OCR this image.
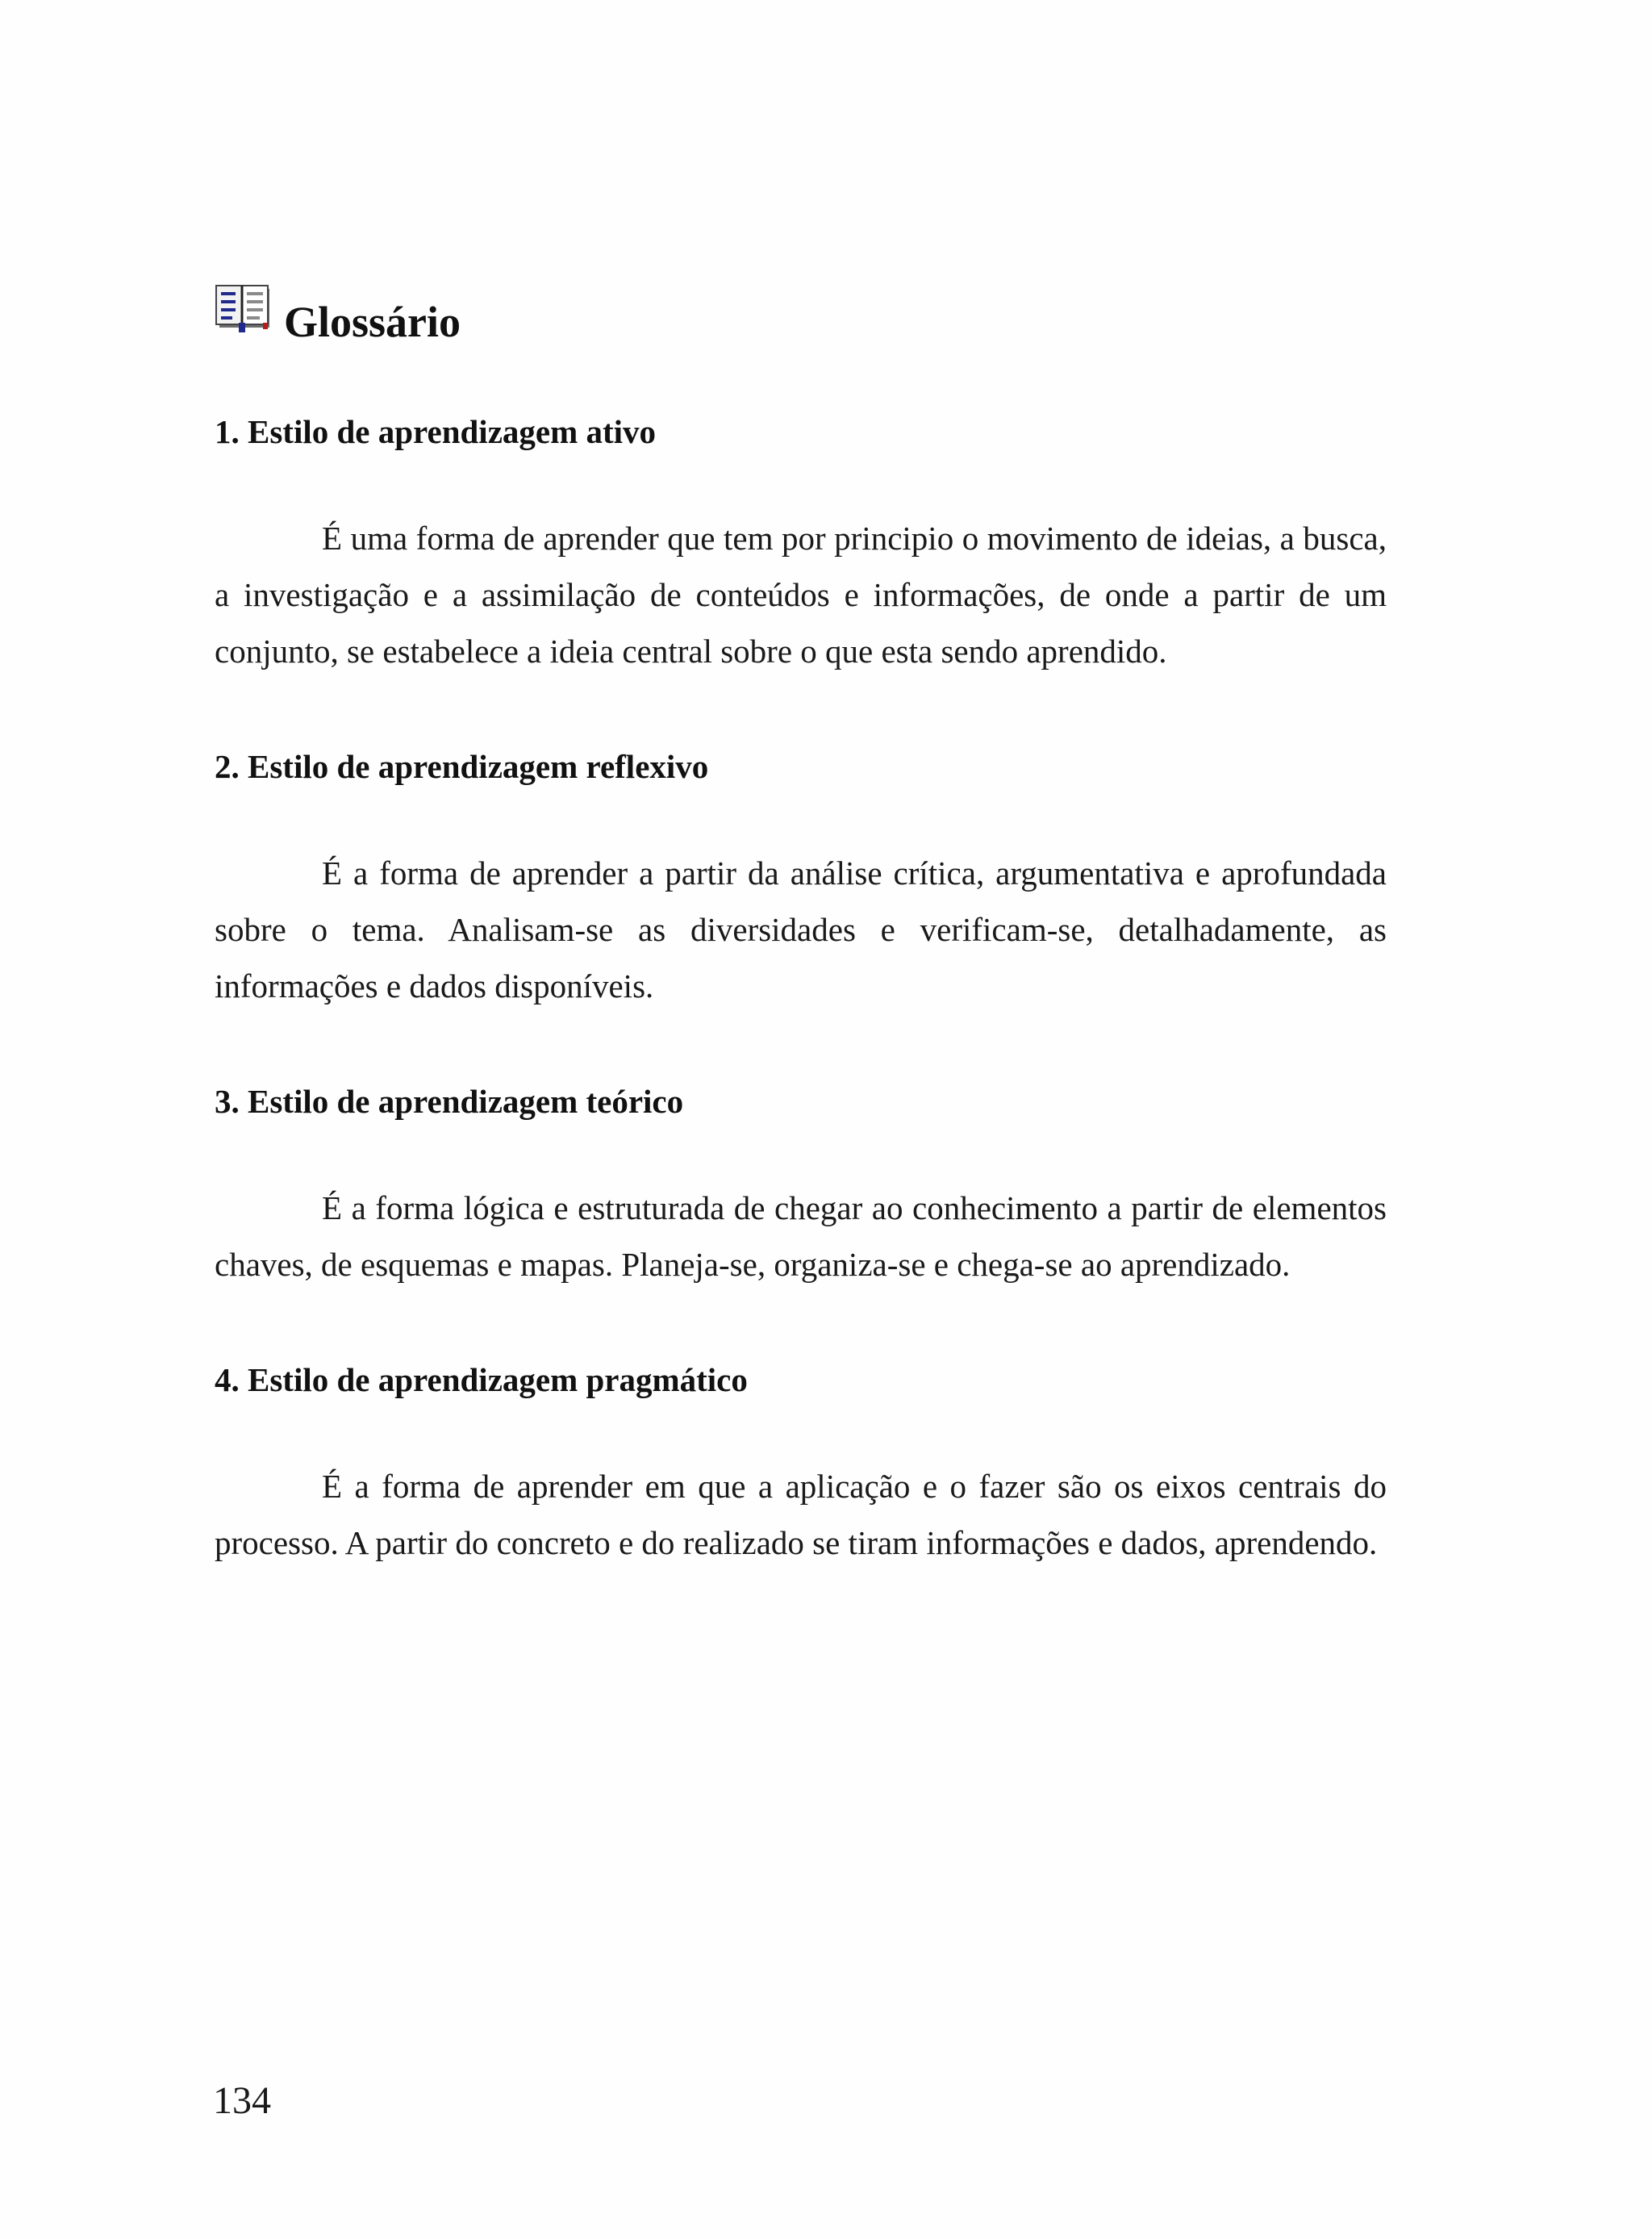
Glossário
1. Estilo de aprendizagem ativo

É uma forma de aprender que tem por principio o movimento de ideias, a busca, a investigação e a assimilação de conteúdos e informações, de onde a partir de um conjunto, se estabelece a ideia central sobre o que esta sendo aprendido.

2. Estilo de aprendizagem reflexivo

É a forma de aprender a partir da análise crítica, argumentativa e aprofundada sobre o tema. Analisam-se as diversidades e verificam-se, detalhadamente, as informações e dados disponíveis.

3. Estilo de aprendizagem teórico

É a forma lógica e estruturada de chegar ao conhecimento a partir de elementos chaves, de esquemas e mapas. Planeja-se, organiza-se e chega-se ao aprendizado.

4. Estilo de aprendizagem pragmático

É a forma de aprender em que a aplicação e o fazer são os eixos centrais do processo. A partir do concreto e do realizado se tiram informações e dados, aprendendo.

134
